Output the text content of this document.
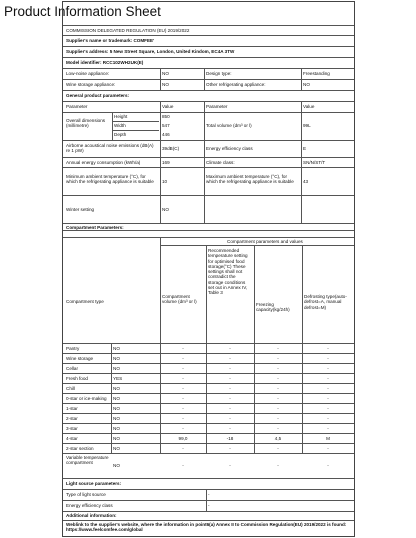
Product Information Sheet
COMMISSION DELEGATED REGULATION (EU) 2019/2022
Supplier's name or trademark: COMFEE'
Supplier's address: 5 New Street Square, London, United Kindom, EC4A 3TW
Model identifier: RCC102WH2UK(E)
Low-noise appliance:	NO	Design type:	Freestanding
Wine storage appliance:	NO	Other refrigerating appliance:	NO
General product parameters:
Parameter	Value	Parameter	Value
Overall dimensions (millimetre)
Height	850
Width	547
Depth	446
Total volume (dm³ or l)	99L
Airborne acoustical noise emissions (dB(A) re 1 pW)	39dB(C)	Energy efficiency class	E
Annual energy consumption (kWh/a)	169	Climate class:	SN/N/ST/T
Minimum ambient temperature (°C), for which the refrigerating appliance is suitable	10
Maximum ambient temperature (°C), for which the refrigerating appliance is suitable	43
Winter setting	NO
Compartment Parameters:
Compartment parameters and values
Compartment type
Compartment volume (dm³ or l)
Recommended temperature setting for optimised food storage(°C) These settings shall not contradict the storage conditions set out in Annex IV, Table 3
Freezing capacity(kg/24h)
Defrosting type(auto-defrost=A, manual defrost=M)
Pantry	NO	-	-	-	-
Wine storage	NO	-	-	-	-
Cellar	NO	-	-	-	-
Fresh food	YES	-	-	-	-
Chill	NO	-	-	-	-
0-star or ice-making NO	-	-	-	-
1-star	NO	-	-	-	-
2-star	NO	-	-	-	-
3-star	NO	-	-	-	-
4-star	NO	99,0	-18	4,5	M
2-star section	NO	-	-	-	-
Variable temperature compartment
NO	-	-	-	-
Light source parameters:
Type of light source	-
Energy efficiency class	-
Additional information:
Weblink to the supplier's website, where the information in point6(a) Annex II to Commission Regulation(EU) 2019/2022 is found: https://www.feelcomfee.com/global
